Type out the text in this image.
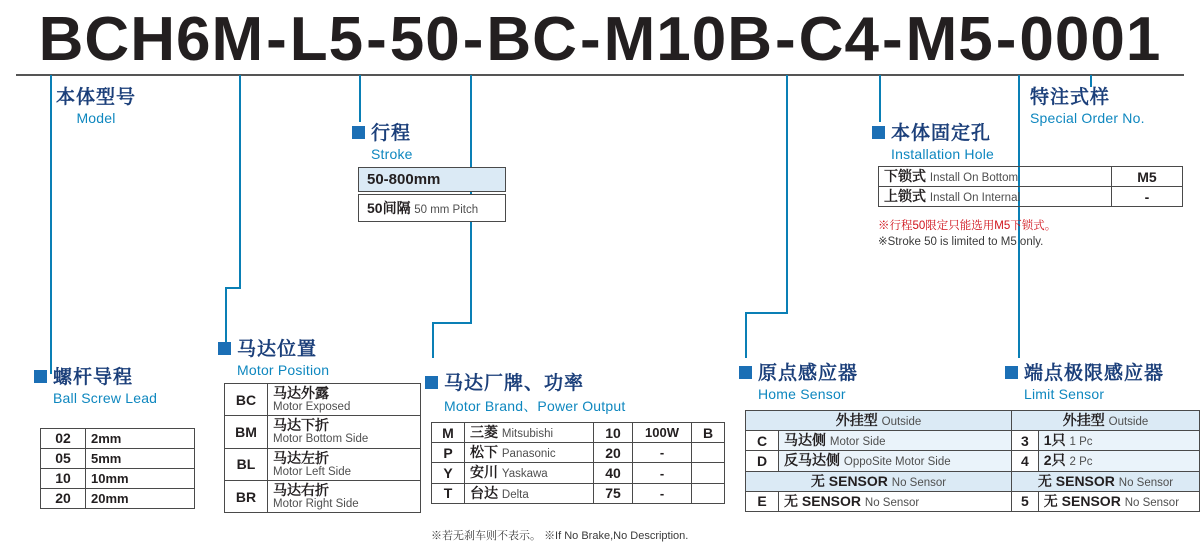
BCH6M-L5-50-BC-M10B-C4-M5-0001
本体型号
Model
行程
Stroke
50-800mm
50间隔 50 mm Pitch
特注式样
Special Order No.
本体固定孔
Installation Hole
下锁式 Install On Bottom	M5
上锁式 Install On Internal	-
※行程50限定只能选用M5下锁式。
※Stroke 50 is limited to M5 only.
螺杆导程
Ball Screw Lead
02	2mm
05	5mm
10	10mm
20	20mm
马达位置
Motor Position
BC	马达外露
Motor Exposed

BM	马达下折
Motor Bottom Side

BL	马达左折
Motor Left Side

BR	马达右折
Motor Right Side
马达厂牌、功率
Motor Brand、Power Output
M	三菱 Mitsubishi	10	100W	B
P	松下 Panasonic	20	-	
Y	安川 Yaskawa	40	-	
T	台达 Delta	75	-	
※若无刹车则不表示。 ※If No Brake,No Description.
原点感应器
Home Sensor
外挂型 Outside	
C	马达侧 Motor Side
D	反马达侧 OppoSite Motor Side
无 SENSOR No Sensor	
E	无 SENSOR No Sensor
端点极限感应器
Limit Sensor
外挂型 Outside	
3	1只 1 Pc
4	2只 2 Pc
无 SENSOR No Sensor	
5	无 SENSOR No Sensor
